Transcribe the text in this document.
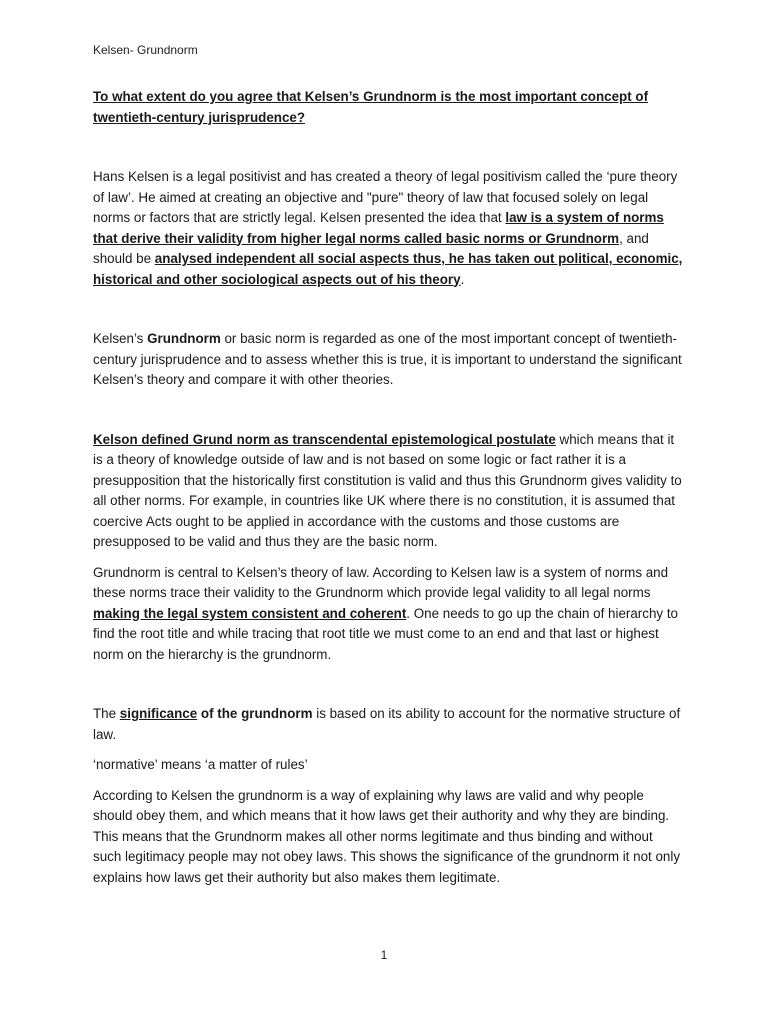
Kelsen- Grundnorm

To what extent do you agree that Kelsen’s Grundnorm is the most important concept of twentieth-century jurisprudence?

Hans Kelsen is a legal positivist and has created a theory of legal positivism called the ‘pure theory of law’. He aimed at creating an objective and "pure" theory of law that focused solely on legal norms or factors that are strictly legal. Kelsen presented the idea that law is a system of norms that derive their validity from higher legal norms called basic norms or Grundnorm, and should be analysed independent all social aspects thus, he has taken out political, economic, historical and other sociological aspects out of his theory.

Kelsen’s Grundnorm or basic norm is regarded as one of the most important concept of twentieth-century jurisprudence and to assess whether this is true, it is important to understand the significant Kelsen’s theory and compare it with other theories.

Kelson defined Grund norm as transcendental epistemological postulate which means that it is a theory of knowledge outside of law and is not based on some logic or fact rather it is a presupposition that the historically first constitution is valid and thus this Grundnorm gives validity to all other norms. For example, in countries like UK where there is no constitution, it is assumed that coercive Acts ought to be applied in accordance with the customs and those customs are presupposed to be valid and thus they are the basic norm.

Grundnorm is central to Kelsen’s theory of law. According to Kelsen law is a system of norms and these norms trace their validity to the Grundnorm which provide legal validity to all legal norms making the legal system consistent and coherent. One needs to go up the chain of hierarchy to find the root title and while tracing that root title we must come to an end and that last or highest norm on the hierarchy is the grundnorm.

The significance of the grundnorm is based on its ability to account for the normative structure of law.

‘normative’ means ‘a matter of rules’

According to Kelsen the grundnorm is a way of explaining why laws are valid and why people should obey them, and which means that it how laws get their authority and why they are binding. This means that the Grundnorm makes all other norms legitimate and thus binding and without such legitimacy people may not obey laws. This shows the significance of the grundnorm it not only explains how laws get their authority but also makes them legitimate.

1
